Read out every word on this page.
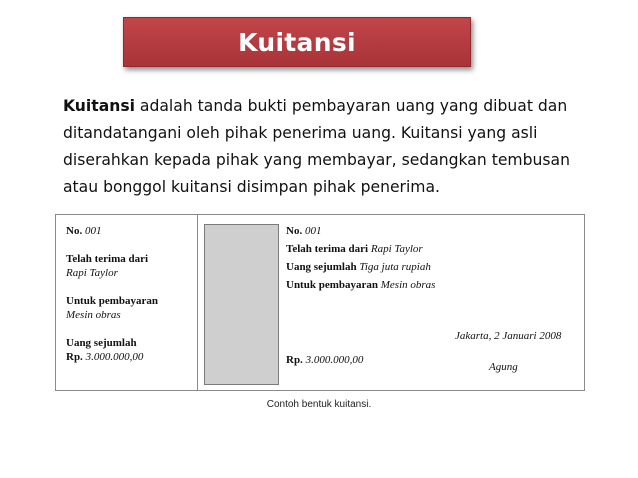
Kuitansi

Kuitansi adalah tanda bukti pembayaran uang yang dibuat dan ditandatangani oleh pihak penerima uang. Kuitansi yang asli diserahkan kepada pihak yang membayar, sedangkan tembusan atau bonggol kuitansi disimpan pihak penerima.

No. 001
Telah terima dari
Rapi Taylor
Untuk pembayaran
Mesin obras
Uang sejumlah
Rp. 3.000.000,00
No. 001
Telah terima dari Rapi Taylor
Uang sejumlah Tiga juta rupiah
Untuk pembayaran Mesin obras
Jakarta, 2 Januari 2008
Rp. 3.000.000,00
Agung
Contoh bentuk kuitansi.
